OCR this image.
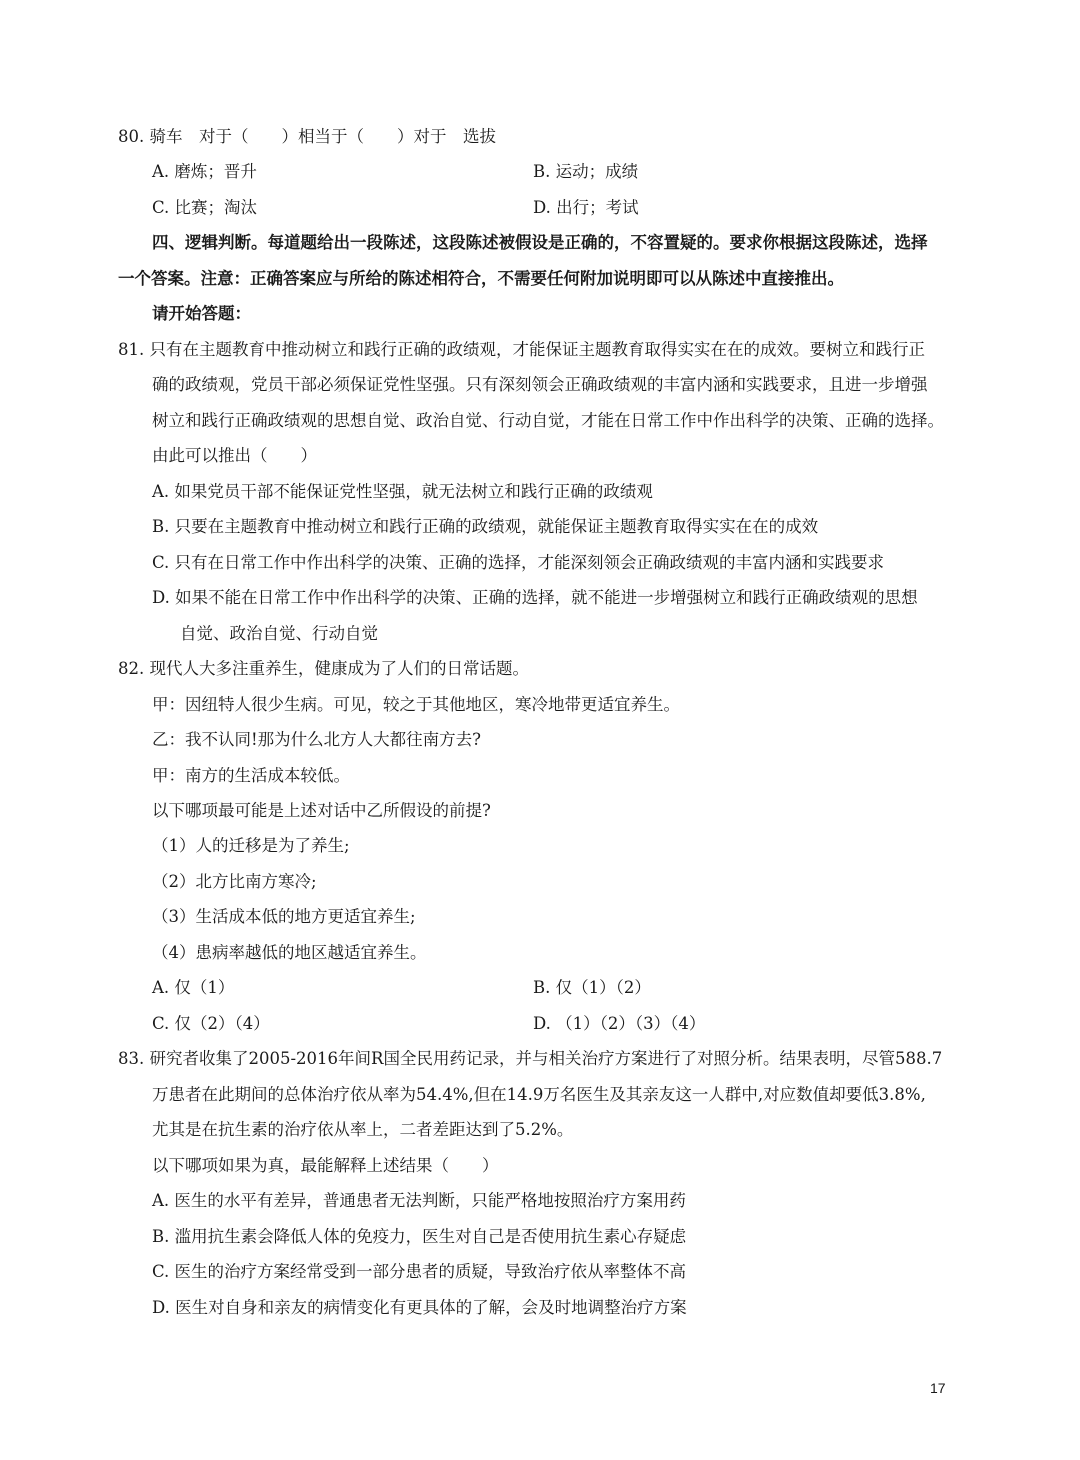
80. 骑车　对于（　　）相当于（　　）对于　选拔
A. 磨炼；晋升	B. 运动；成绩
C. 比赛；淘汰	D. 出行；考试
四、逻辑判断。每道题给出一段陈述，这段陈述被假设是正确的，不容置疑的。要求你根据这段陈述，选择
一个答案。注意：正确答案应与所给的陈述相符合，不需要任何附加说明即可以从陈述中直接推出。
请开始答题：
81. 只有在主题教育中推动树立和践行正确的政绩观，才能保证主题教育取得实实在在的成效。要树立和践行正
确的政绩观，党员干部必须保证党性坚强。只有深刻领会正确政绩观的丰富内涵和实践要求，且进一步增强
树立和践行正确政绩观的思想自觉、政治自觉、行动自觉，才能在日常工作中作出科学的决策、正确的选择。
由此可以推出（　　）
A. 如果党员干部不能保证党性坚强，就无法树立和践行正确的政绩观
B. 只要在主题教育中推动树立和践行正确的政绩观，就能保证主题教育取得实实在在的成效
C. 只有在日常工作中作出科学的决策、正确的选择，才能深刻领会正确政绩观的丰富内涵和实践要求
D. 如果不能在日常工作中作出科学的决策、正确的选择，就不能进一步增强树立和践行正确政绩观的思想
自觉、政治自觉、行动自觉
82. 现代人大多注重养生，健康成为了人们的日常话题。
甲：因纽特人很少生病。可见，较之于其他地区，寒冷地带更适宜养生。
乙：我不认同!那为什么北方人大都往南方去?
甲：南方的生活成本较低。
以下哪项最可能是上述对话中乙所假设的前提?
（1）人的迁移是为了养生;
（2）北方比南方寒冷;
（3）生活成本低的地方更适宜养生;
（4）患病率越低的地区越适宜养生。
A. 仅（1）	B. 仅（1）（2）
C. 仅（2）（4）	D. （1）（2）（3）（4）
83. 研究者收集了2005-2016年间R国全民用药记录，并与相关治疗方案进行了对照分析。结果表明，尽管588.7
万患者在此期间的总体治疗依从率为54.4%,但在14.9万名医生及其亲友这一人群中,对应数值却要低3.8%,
尤其是在抗生素的治疗依从率上，二者差距达到了5.2%。
以下哪项如果为真，最能解释上述结果（　　）
A. 医生的水平有差异，普通患者无法判断，只能严格地按照治疗方案用药
B. 滥用抗生素会降低人体的免疫力，医生对自己是否使用抗生素心存疑虑
C. 医生的治疗方案经常受到一部分患者的质疑，导致治疗依从率整体不高
D. 医生对自身和亲友的病情变化有更具体的了解，会及时地调整治疗方案
17
